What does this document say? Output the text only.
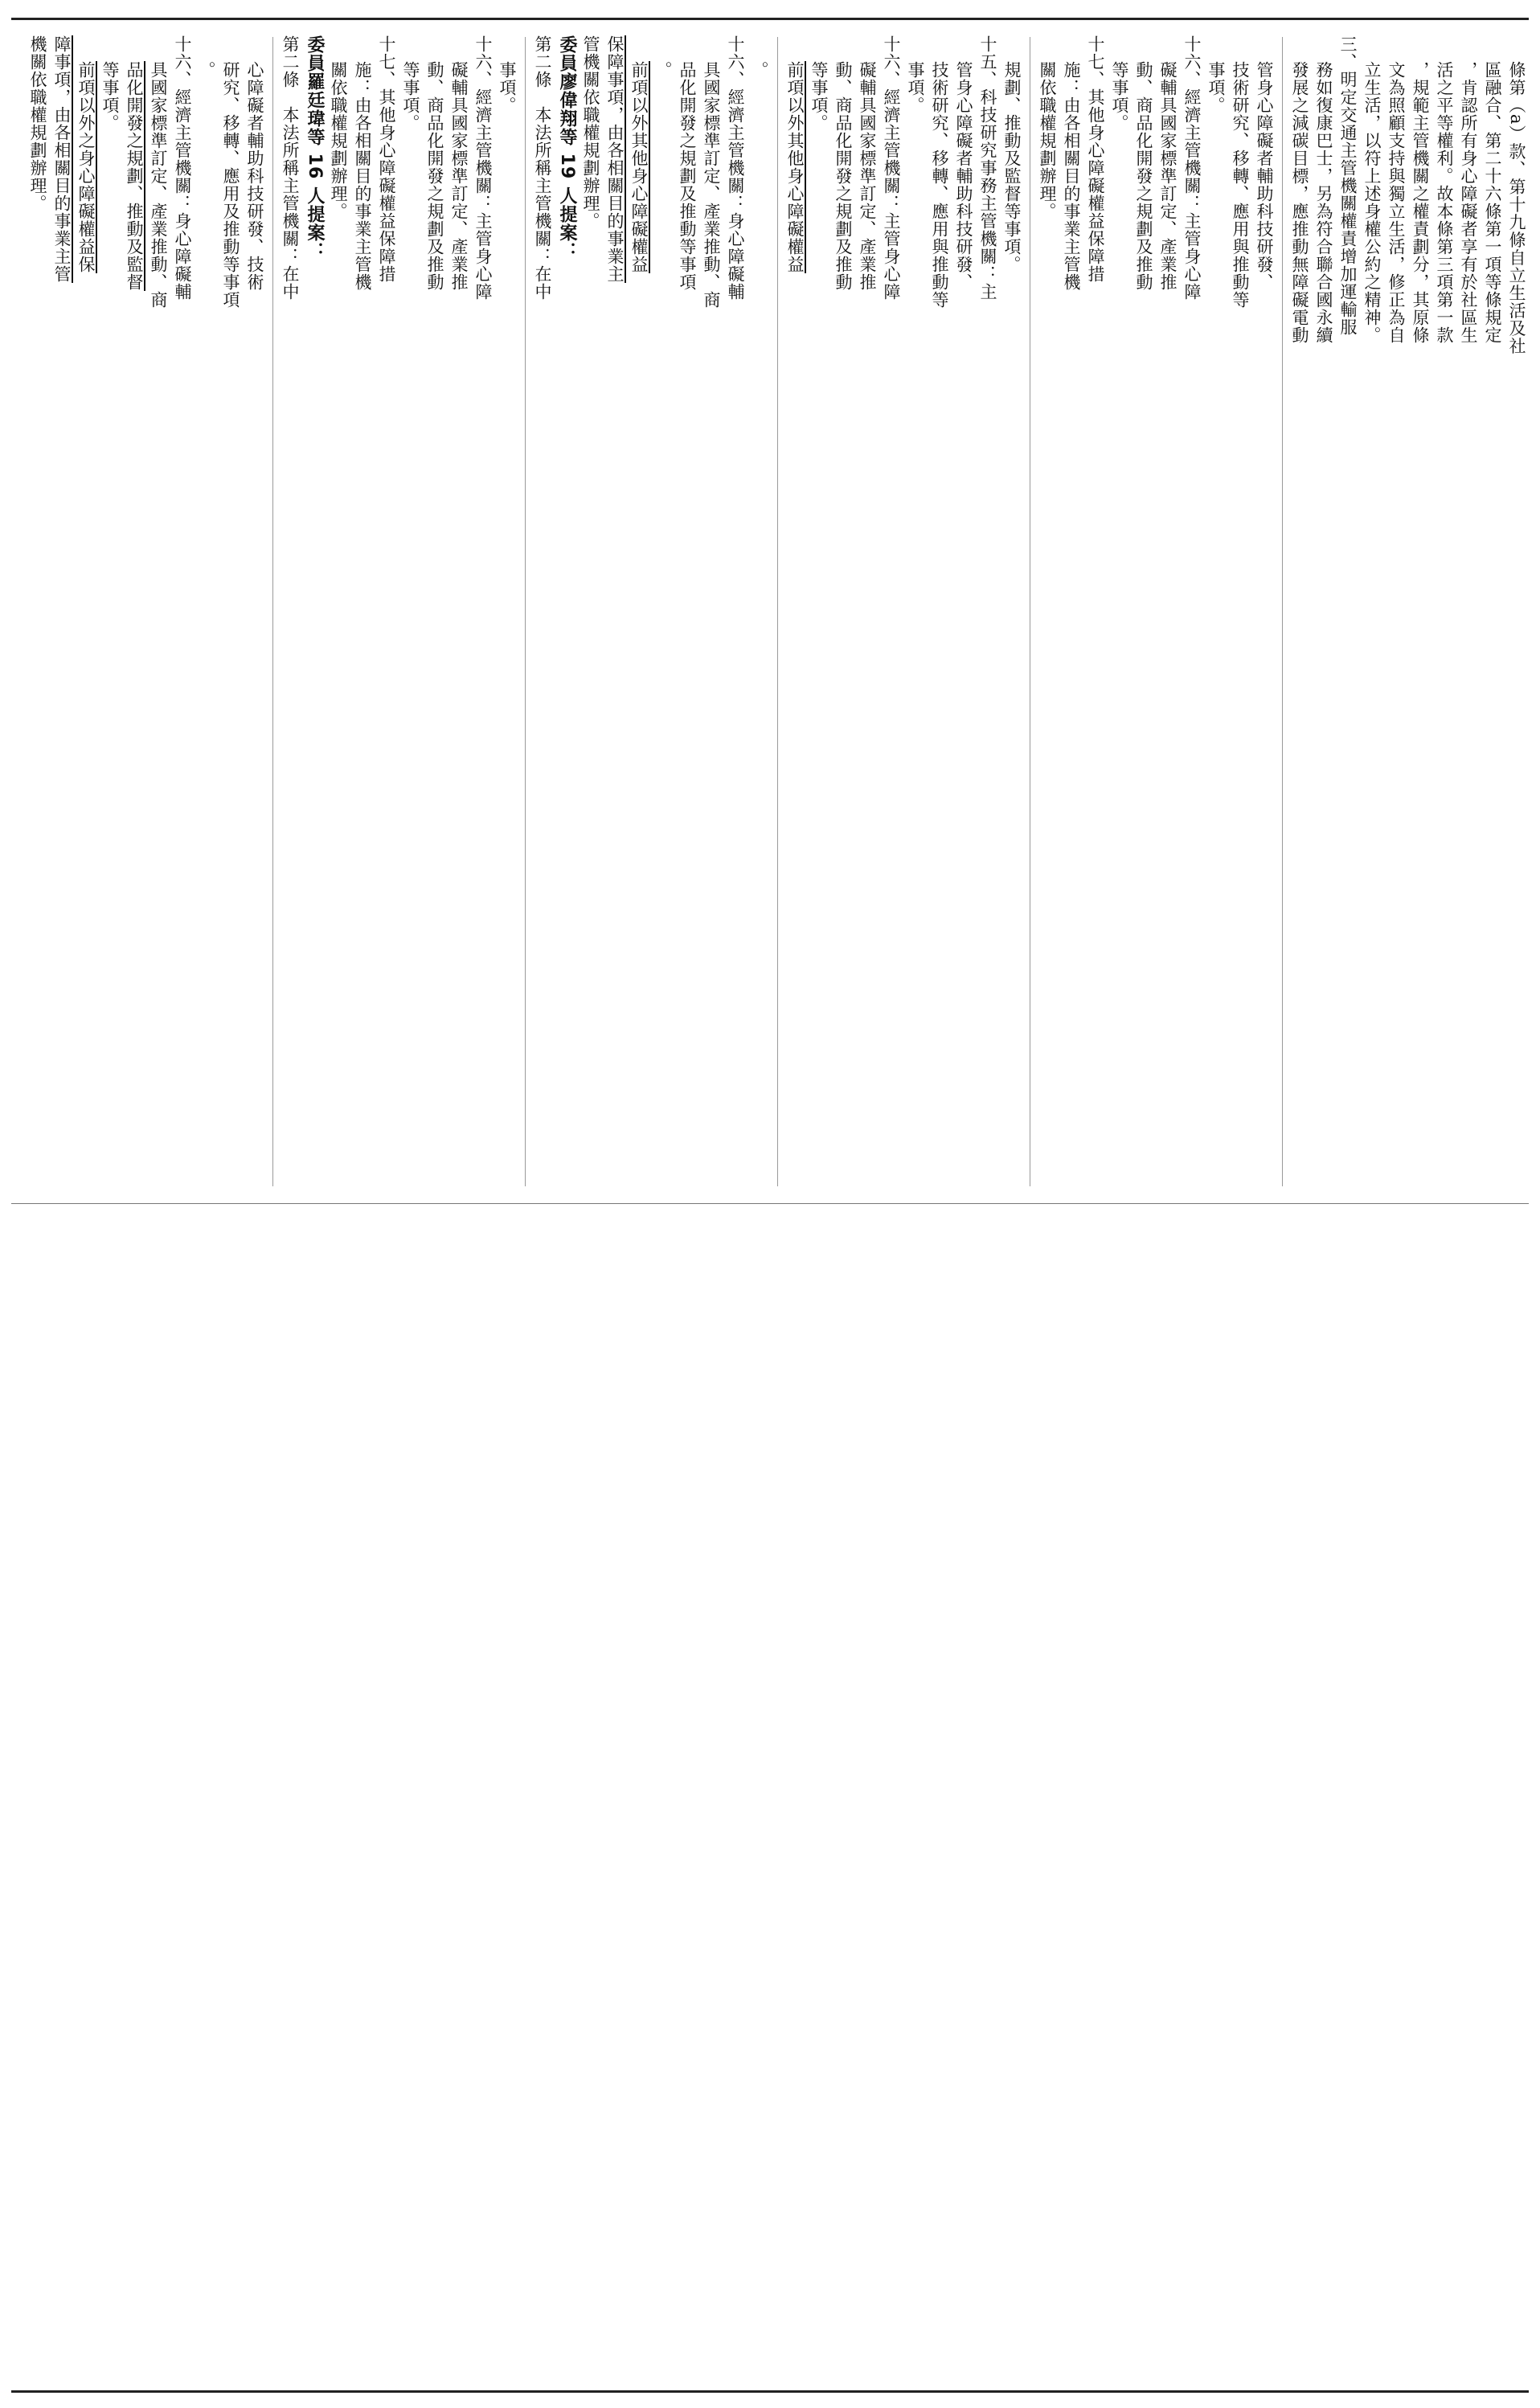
條第（a）款、第十九條自立生活及社
區融合、第二十六條第一項等條規定
，肯認所有身心障礙者享有於社區生
活之平等權利。故本條第三項第一款
，規範主管機關之權責劃分，其原條
文為照顧支持與獨立生活，修正為自
立生活，以符上述身權公約之精神。
三、明定交通主管機關權責增加運輸服
務如復康巴士，另為符合聯合國永續
發展之減碳目標，應推動無障礙電動
管身心障礙者輔助科技研發、
技術研究、移轉、應用與推動等
事項。
十六、經濟主管機關：主管身心障
礙輔具國家標準訂定、產業推
動、商品化開發之規劃及推動
等事項。
十七、其他身心障礙權益保障措
施：由各相關目的事業主管機
關依職權規劃辦理。
規劃、推動及監督等事項。
十五、科技研究事務主管機關：主
管身心障礙者輔助科技研發、
技術研究、移轉、應用與推動等
事項。
十六、經濟主管機關：主管身心障
礙輔具國家標準訂定、產業推
動、商品化開發之規劃及推動
等事項。
前項以外其他身心障礙權益
。
十六、經濟主管機關：身心障礙輔
具國家標準訂定、產業推動、商
品化開發之規劃及推動等事項
。
前項以外其他身心障礙權益
保障事項，由各相關目的事業主
管機關依職權規劃辦理。
委員廖偉翔等 19 人提案：
第二條　本法所稱主管機關：在中
事項。
十六、經濟主管機關：主管身心障
礙輔具國家標準訂定、產業推
動、商品化開發之規劃及推動
等事項。
十七、其他身心障礙權益保障措
施：由各相關目的事業主管機
關依職權規劃辦理。
委員羅廷瑋等 16 人提案：
第二條　本法所稱主管機關：在中
心障礙者輔助科技研發、技術
研究、移轉、應用及推動等事項
。
十六、經濟主管機關：身心障礙輔
具國家標準訂定、產業推動、商
品化開發之規劃、推動及監督
等事項。
前項以外之身心障礙權益保
障事項，由各相關目的事業主管
機關依職權規劃辦理。
